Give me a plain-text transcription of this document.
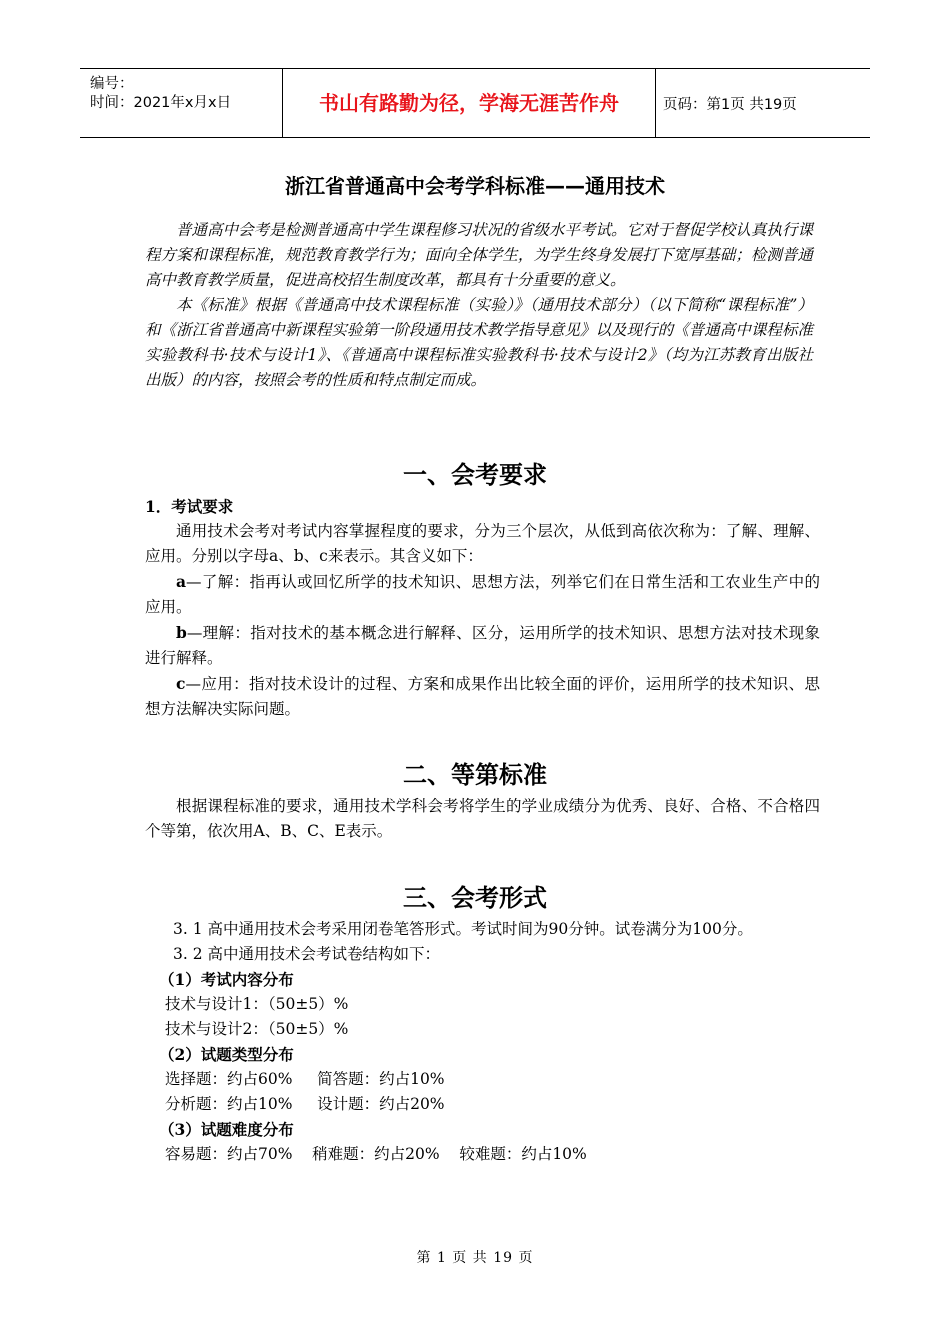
编号：
时间：2021年x月x日	书山有路勤为径，学海无涯苦作舟	页码：第1页 共19页
浙江省普通高中会考学科标准——通用技术

普通高中会考是检测普通高中学生课程修习状况的省级水平考试。它对于督促学校认真执行课程方案和课程标准，规范教育教学行为；面向全体学生，为学生终身发展打下宽厚基础；检测普通高中教育教学质量，促进高校招生制度改革，都具有十分重要的意义。

本《标准》根据《普通高中技术课程标准（实验）》（通用技术部分）（以下简称“课程标准”）和《浙江省普通高中新课程实验第一阶段通用技术教学指导意见》以及现行的《普通高中课程标准实验教科书·技术与设计1》、《普通高中课程标准实验教科书·技术与设计2》（均为江苏教育出版社出版）的内容，按照会考的性质和特点制定而成。

一、会考要求

1．考试要求

通用技术会考对考试内容掌握程度的要求，分为三个层次，从低到高依次称为：了解、理解、应用。分别以字母a、b、c来表示。其含义如下：

a—了解：指再认或回忆所学的技术知识、思想方法，列举它们在日常生活和工农业生产中的应用。

b—理解：指对技术的基本概念进行解释、区分，运用所学的技术知识、思想方法对技术现象进行解释。

c—应用：指对技术设计的过程、方案和成果作出比较全面的评价，运用所学的技术知识、思想方法解决实际问题。

二、等第标准

根据课程标准的要求，通用技术学科会考将学生的学业成绩分为优秀、良好、合格、不合格四个等第，依次用A、B、C、E表示。

三、会考形式

3. 1 高中通用技术会考采用闭卷笔答形式。考试时间为90分钟。试卷满分为100分。

3. 2 高中通用技术会考试卷结构如下：

（1）考试内容分布

技术与设计1：（50±5）%

技术与设计2：（50±5）%

（2）试题类型分布

选择题：约占60%     简答题：约占10%

分析题：约占10%     设计题：约占20%

（3）试题难度分布

容易题：约占70%    稍难题：约占20%    较难题：约占10%

第 1 页 共 19 页
